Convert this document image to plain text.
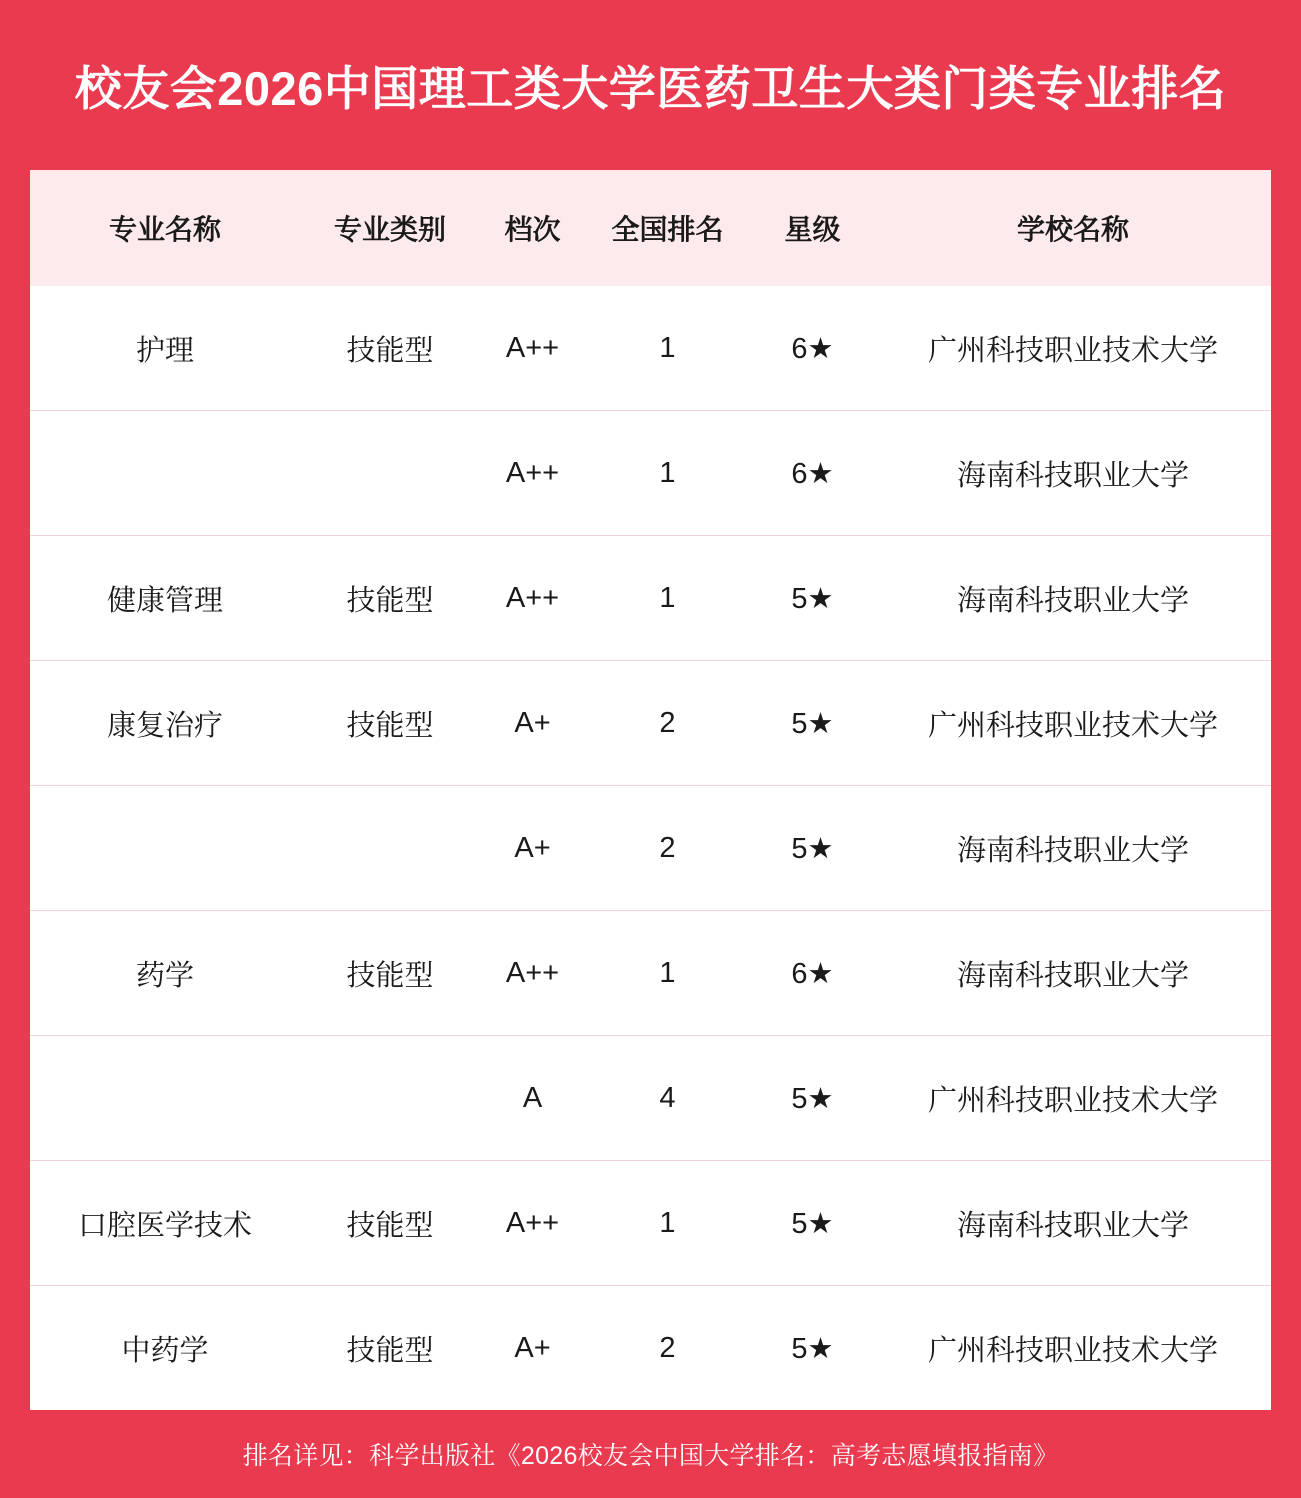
校友会2026中国理工类大学医药卫生大类门类专业排名
专业名称	专业类别	档次	全国排名	星级	学校名称
护理	技能型	A++	1	6★	广州科技职业技术大学
		A++	1	6★	海南科技职业大学
健康管理	技能型	A++	1	5★	海南科技职业大学
康复治疗	技能型	A+	2	5★	广州科技职业技术大学
		A+	2	5★	海南科技职业大学
药学	技能型	A++	1	6★	海南科技职业大学
		A	4	5★	广州科技职业技术大学
口腔医学技术	技能型	A++	1	5★	海南科技职业大学
中药学	技能型	A+	2	5★	广州科技职业技术大学
排名详见：科学出版社《2026校友会中国大学排名：高考志愿填报指南》
